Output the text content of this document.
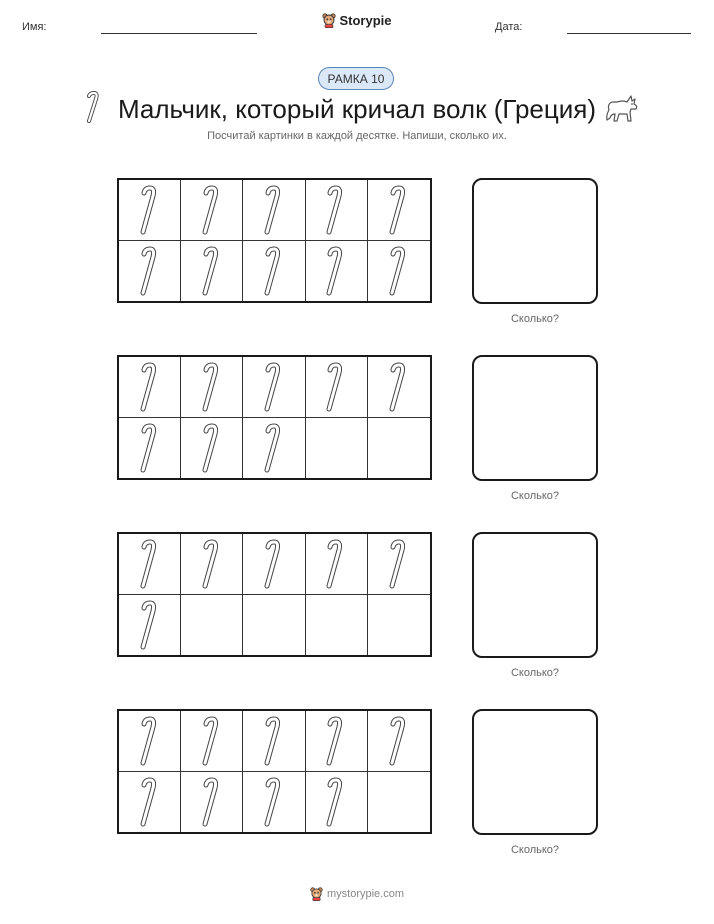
Имя:	Storypie	Дата:
РАМКА 10
Мальчик, который кричал волк (Греция)
Посчитай картинки в каждой десятке. Напиши, сколько их.
Сколько?
Сколько?
Сколько?
Сколько?
mystorypie.com
